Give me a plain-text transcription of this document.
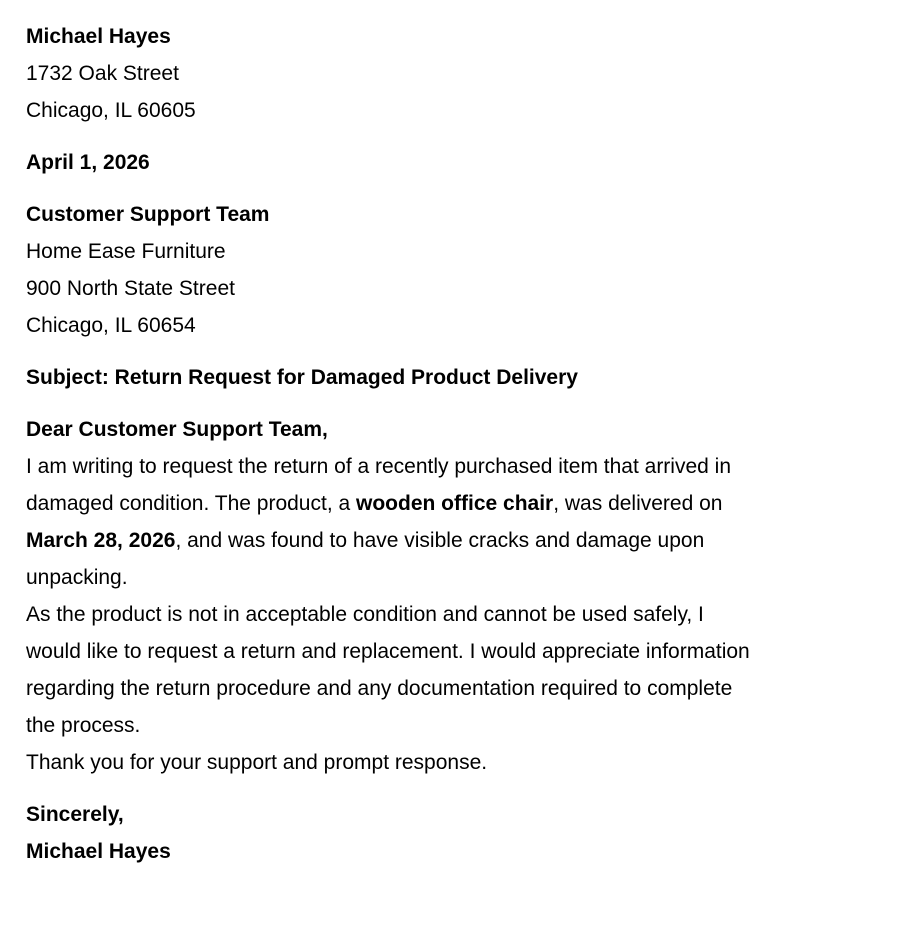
Michael Hayes
1732 Oak Street
Chicago, IL 60605
April 1, 2026
Customer Support Team
Home Ease Furniture
900 North State Street
Chicago, IL 60654
Subject: Return Request for Damaged Product Delivery
Dear Customer Support Team,
I am writing to request the return of a recently purchased item that arrived in
damaged condition. The product, a wooden office chair, was delivered on
March 28, 2026, and was found to have visible cracks and damage upon
unpacking.
As the product is not in acceptable condition and cannot be used safely, I
would like to request a return and replacement. I would appreciate information
regarding the return procedure and any documentation required to complete
the process.
Thank you for your support and prompt response.
Sincerely,
Michael Hayes
